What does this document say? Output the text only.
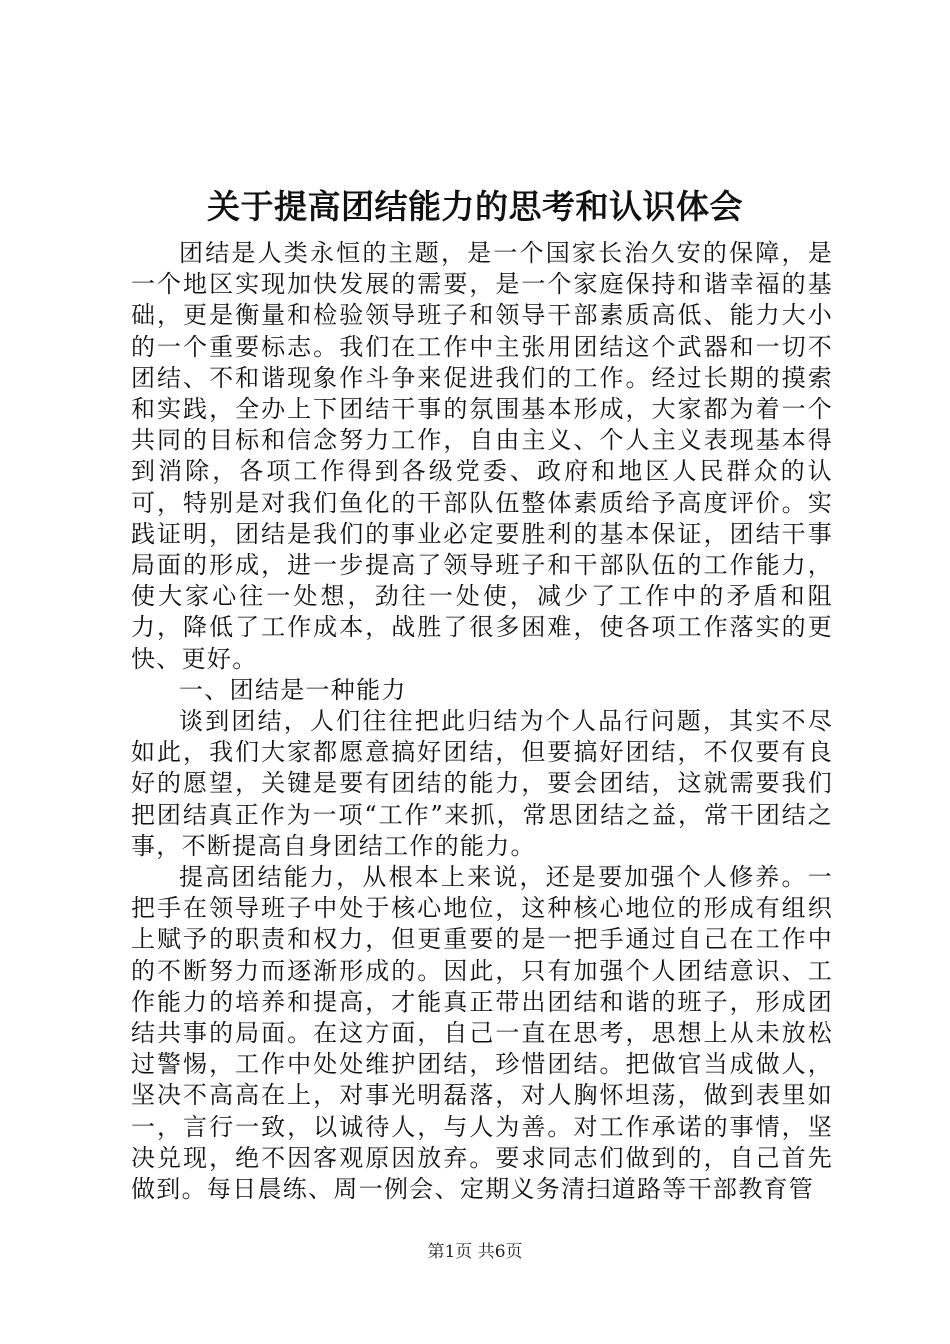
关于提高团结能力的思考和认识体会

团结是人类永恒的主题，是一个国家长治久安的保障，是一个地区实现加快发展的需要，是一个家庭保持和谐幸福的基础，更是衡量和检验领导班子和领导干部素质高低、能力大小的一个重要标志。我们在工作中主张用团结这个武器和一切不团结、不和谐现象作斗争来促进我们的工作。经过长期的摸索和实践，全办上下团结干事的氛围基本形成，大家都为着一个共同的目标和信念努力工作，自由主义、个人主义表现基本得到消除，各项工作得到各级党委、政府和地区人民群众的认可，特别是对我们鱼化的干部队伍整体素质给予高度评价。实践证明，团结是我们的事业必定要胜利的基本保证，团结干事局面的形成，进一步提高了领导班子和干部队伍的工作能力，使大家心往一处想，劲往一处使，减少了工作中的矛盾和阻力，降低了工作成本，战胜了很多困难，使各项工作落实的更快、更好。

一、团结是一种能力

谈到团结，人们往往把此归结为个人品行问题，其实不尽如此，我们大家都愿意搞好团结，但要搞好团结，不仅要有良好的愿望，关键是要有团结的能力，要会团结，这就需要我们把团结真正作为一项“工作”来抓，常思团结之益，常干团结之事，不断提高自身团结工作的能力。

提高团结能力，从根本上来说，还是要加强个人修养。一把手在领导班子中处于核心地位，这种核心地位的形成有组织上赋予的职责和权力，但更重要的是一把手通过自己在工作中的不断努力而逐渐形成的。因此，只有加强个人团结意识、工作能力的培养和提高，才能真正带出团结和谐的班子，形成团结共事的局面。在这方面，自己一直在思考，思想上从未放松过警惕，工作中处处维护团结，珍惜团结。把做官当成做人，坚决不高高在上，对事光明磊落，对人胸怀坦荡，做到表里如一，言行一致，以诚待人，与人为善。对工作承诺的事情，坚决兑现，绝不因客观原因放弃。要求同志们做到的，自己首先做到。每日晨练、周一例会、定期义务清扫道路等干部教育管

第1页 共6页
